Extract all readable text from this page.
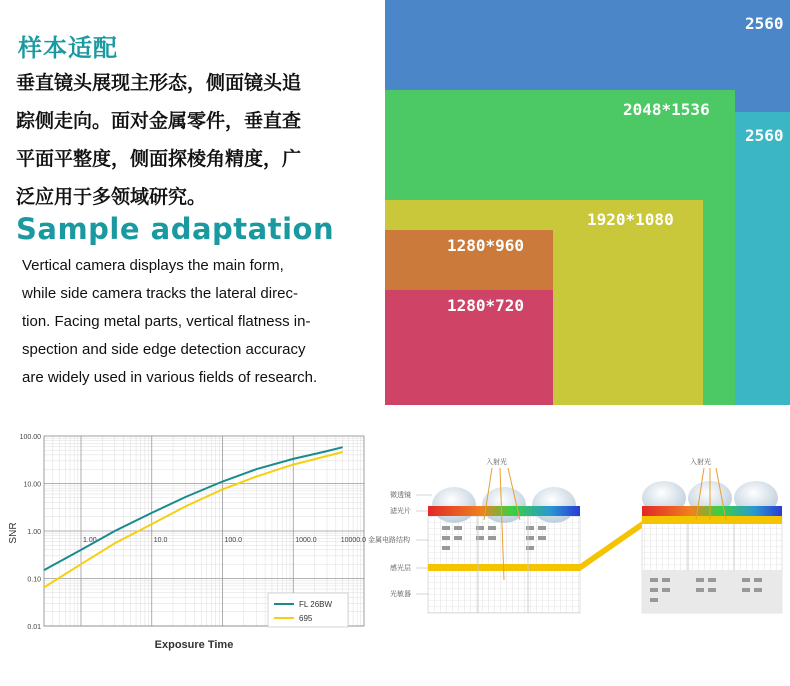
样本适配
垂直镜头展现主形态，侧面镜头追
踪侧走向。面对金属零件，垂直查
平面平整度，侧面探棱角精度，广
泛应用于多领域研究。
Sample adaptation
Vertical camera displays the main form,
while side camera tracks the lateral direc-
tion. Facing metal parts, vertical flatness in-
spection and side edge detection accuracy
are widely used in various fields of research.
2560
2560
2048*1536
1920*1080
1280*960
1280*720
100.00
10.00
1.00
0.10
0.01
1.00	10.0	100.0	1000.0	10000.0
SNR
Exposure Time
FL 26BW
695
入射光	入射光
微透镜
滤光片
金属电路结构
感光层
光敏器
